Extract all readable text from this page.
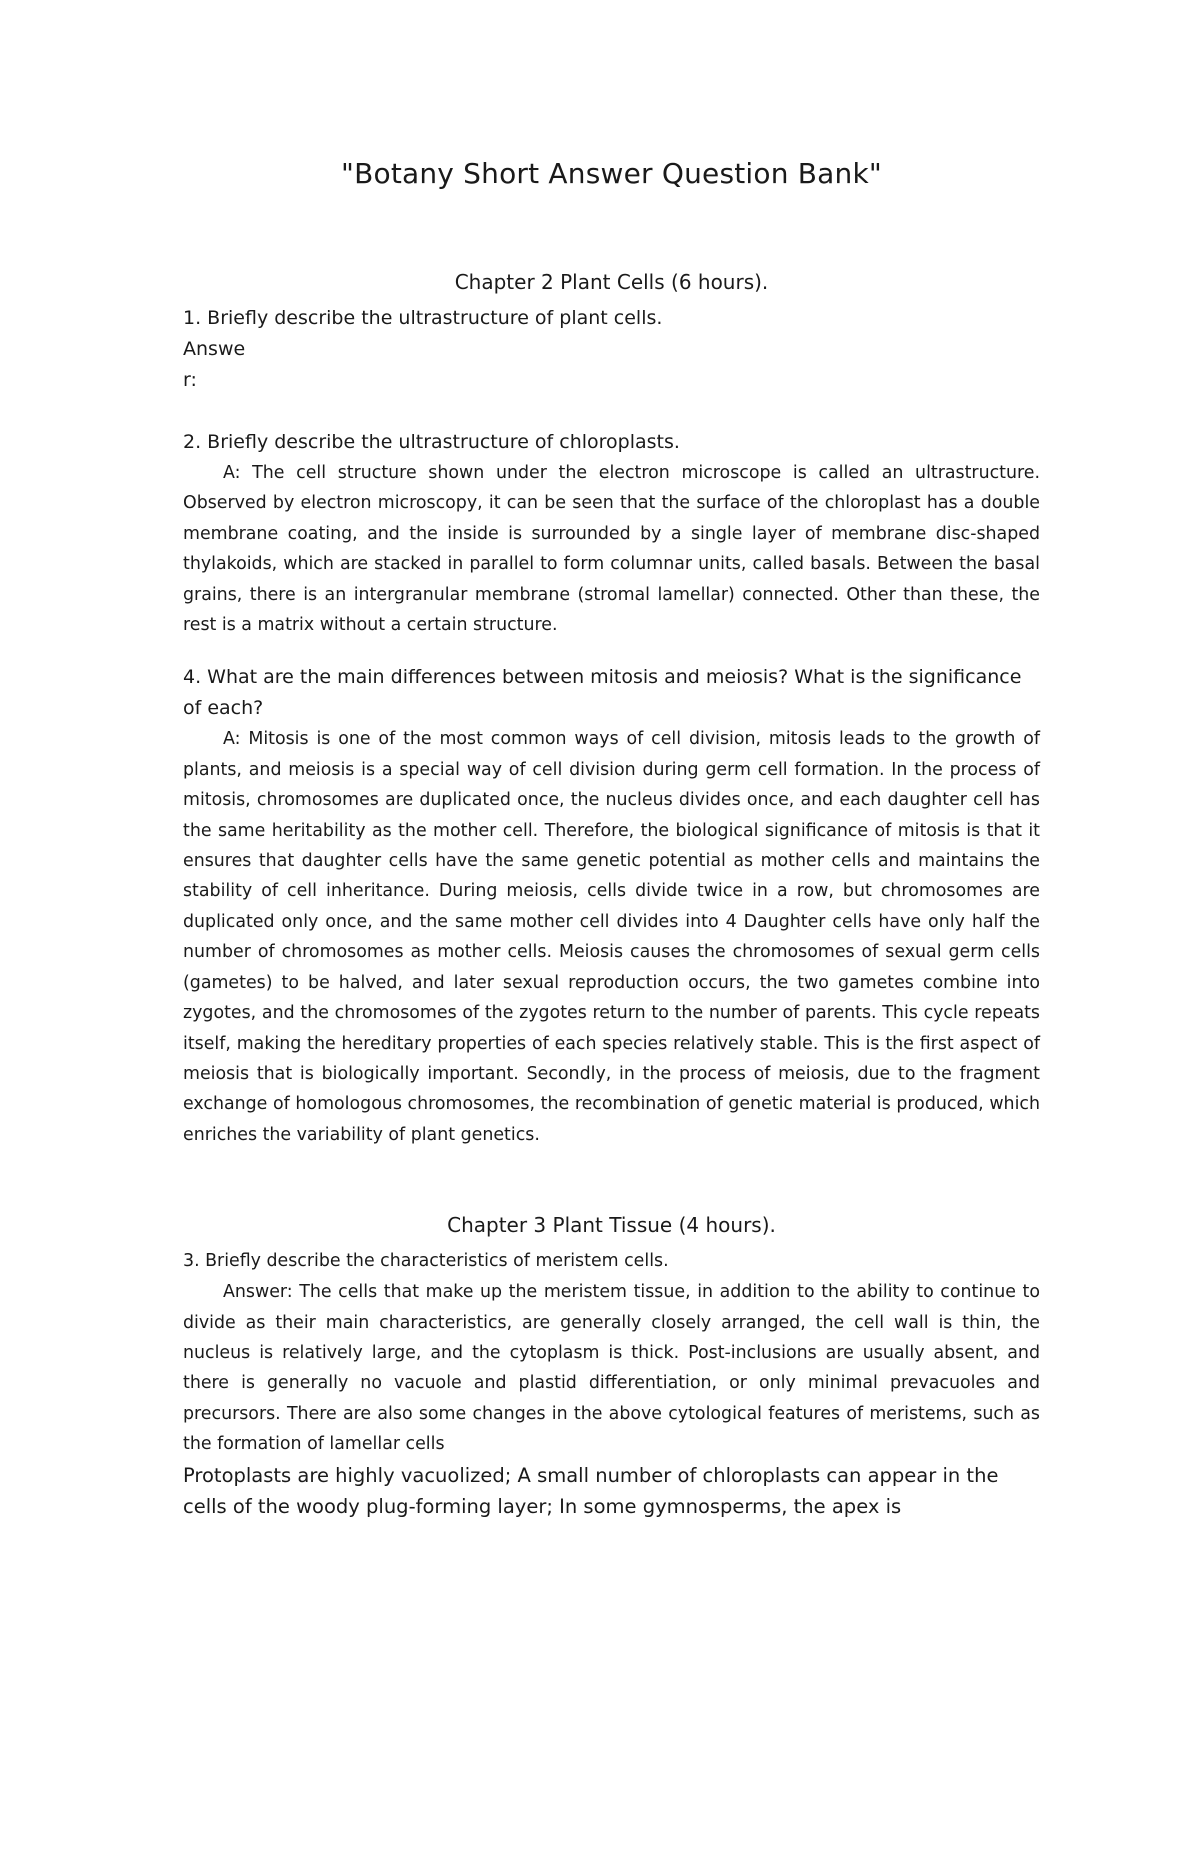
"Botany Short Answer Question Bank"
Chapter 2 Plant Cells (6 hours).

1. Briefly describe the ultrastructure of plant cells.

Answer:

2. Briefly describe the ultrastructure of chloroplasts.

A: The cell structure shown under the electron microscope is called an ultrastructure. Observed by electron microscopy, it can be seen that the surface of the chloroplast has a double membrane coating, and the inside is surrounded by a single layer of membrane disc-shaped thylakoids, which are stacked in parallel to form columnar units, called basals. Between the basal grains, there is an intergranular membrane (stromal lamellar) connected. Other than these, the rest is a matrix without a certain structure.

4. What are the main differences between mitosis and meiosis? What is the significance of each?

A: Mitosis is one of the most common ways of cell division, mitosis leads to the growth of plants, and meiosis is a special way of cell division during germ cell formation. In the process of mitosis, chromosomes are duplicated once, the nucleus divides once, and each daughter cell has the same heritability as the mother cell. Therefore, the biological significance of mitosis is that it ensures that daughter cells have the same genetic potential as mother cells and maintains the stability of cell inheritance. During meiosis, cells divide twice in a row, but chromosomes are duplicated only once, and the same mother cell divides into 4 Daughter cells have only half the number of chromosomes as mother cells. Meiosis causes the chromosomes of sexual germ cells (gametes) to be halved, and later sexual reproduction occurs, the two gametes combine into zygotes, and the chromosomes of the zygotes return to the number of parents. This cycle repeats itself, making the hereditary properties of each species relatively stable. This is the first aspect of meiosis that is biologically important. Secondly, in the process of meiosis, due to the fragment exchange of homologous chromosomes, the recombination of genetic material is produced, which enriches the variability of plant genetics.

Chapter 3 Plant Tissue (4 hours).

3. Briefly describe the characteristics of meristem cells.

Answer: The cells that make up the meristem tissue, in addition to the ability to continue to divide as their main characteristics, are generally closely arranged, the cell wall is thin, the nucleus is relatively large, and the cytoplasm is thick. Post-inclusions are usually absent, and there is generally no vacuole and plastid differentiation, or only minimal prevacuoles and precursors. There are also some changes in the above cytological features of meristems, such as the formation of lamellar cells

Protoplasts are highly vacuolized; A small number of chloroplasts can appear in the cells of the woody plug-forming layer; In some gymnosperms, the apex is
